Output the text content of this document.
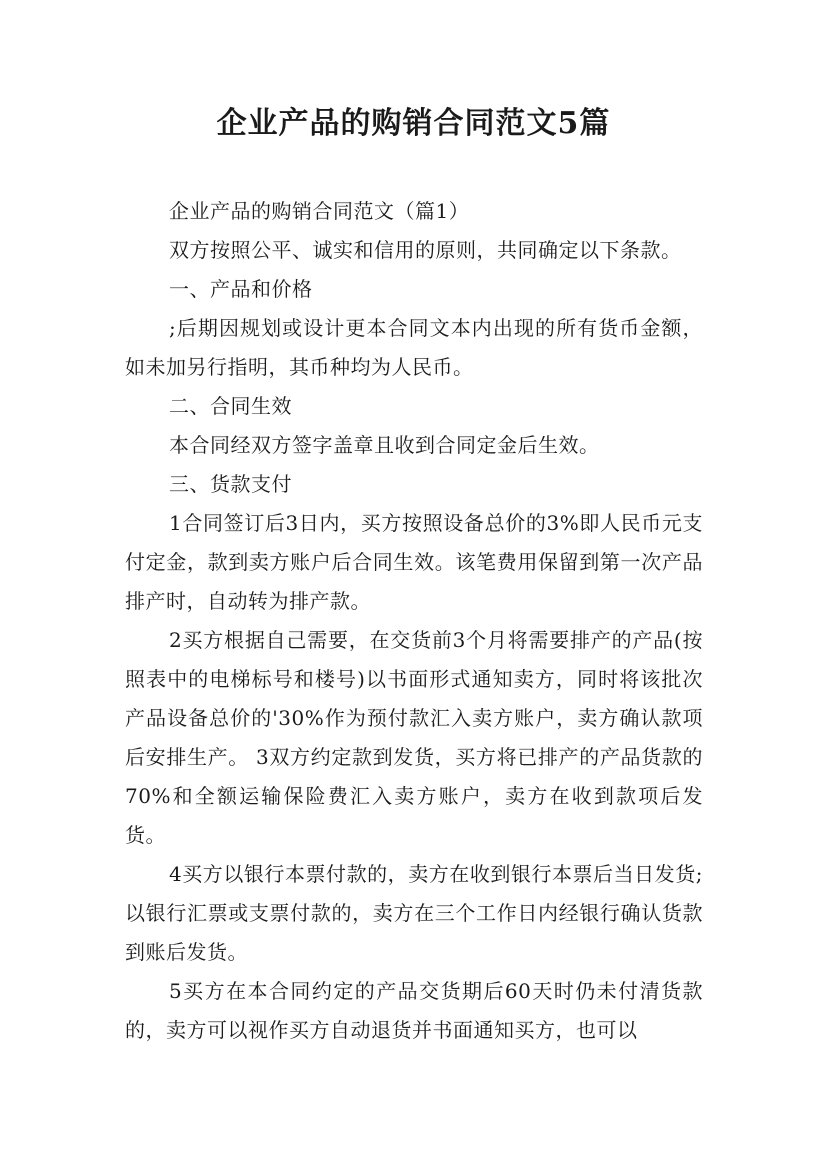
企业产品的购销合同范文5篇

企业产品的购销合同范文（篇1）

双方按照公平、诚实和信用的原则，共同确定以下条款。

一、产品和价格

;后期因规划或设计更本合同文本内出现的所有货币金额，如未加另行指明，其币种均为人民币。

二、合同生效

本合同经双方签字盖章且收到合同定金后生效。

三、货款支付

1合同签订后3日内，买方按照设备总价的3%即人民币元支付定金，款到卖方账户后合同生效。该笔费用保留到第一次产品排产时，自动转为排产款。

2买方根据自己需要，在交货前3个月将需要排产的产品(按照表中的电梯标号和楼号)以书面形式通知卖方，同时将该批次产品设备总价的'30%作为预付款汇入卖方账户，卖方确认款项后安排生产。 3双方约定款到发货，买方将已排产的产品货款的70%和全额运输保险费汇入卖方账户，卖方在收到款项后发货。

4买方以银行本票付款的，卖方在收到银行本票后当日发货;以银行汇票或支票付款的，卖方在三个工作日内经银行确认货款到账后发货。

5买方在本合同约定的产品交货期后60天时仍未付清货款的，卖方可以视作买方自动退货并书面通知买方，也可以
